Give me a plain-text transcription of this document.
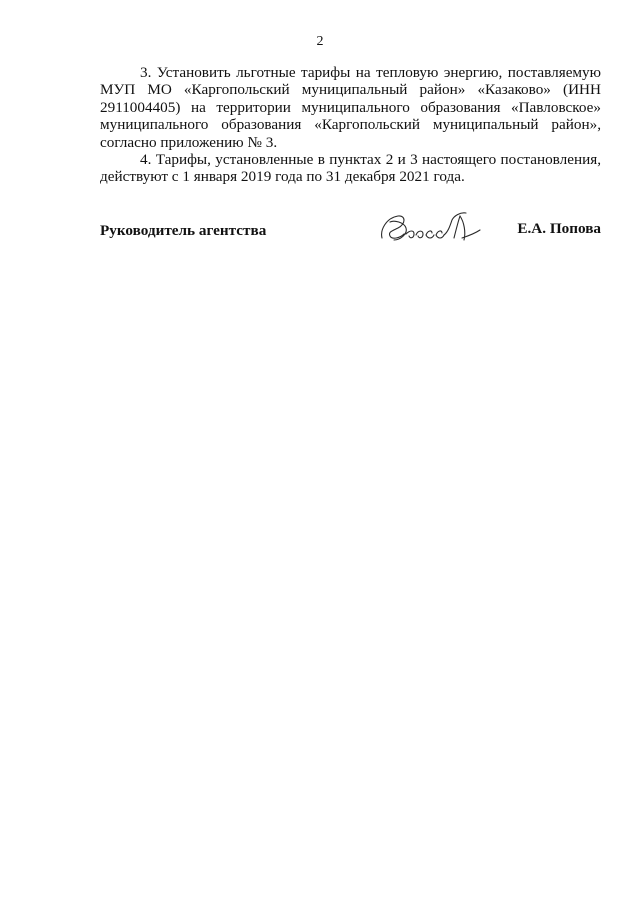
2

3. Установить льготные тарифы на тепловую энергию, поставляемую МУП МО «Каргопольский муниципальный район» «Казаково» (ИНН 2911004405) на территории муниципального образования «Павловское» муниципального образования «Каргопольский муниципальный район», согласно приложению № 3.

4. Тарифы, установленные в пунктах 2 и 3 настоящего постановления, действуют с 1 января 2019 года по 31 декабря 2021 года.

Руководитель агентства	Е.А. Попова
